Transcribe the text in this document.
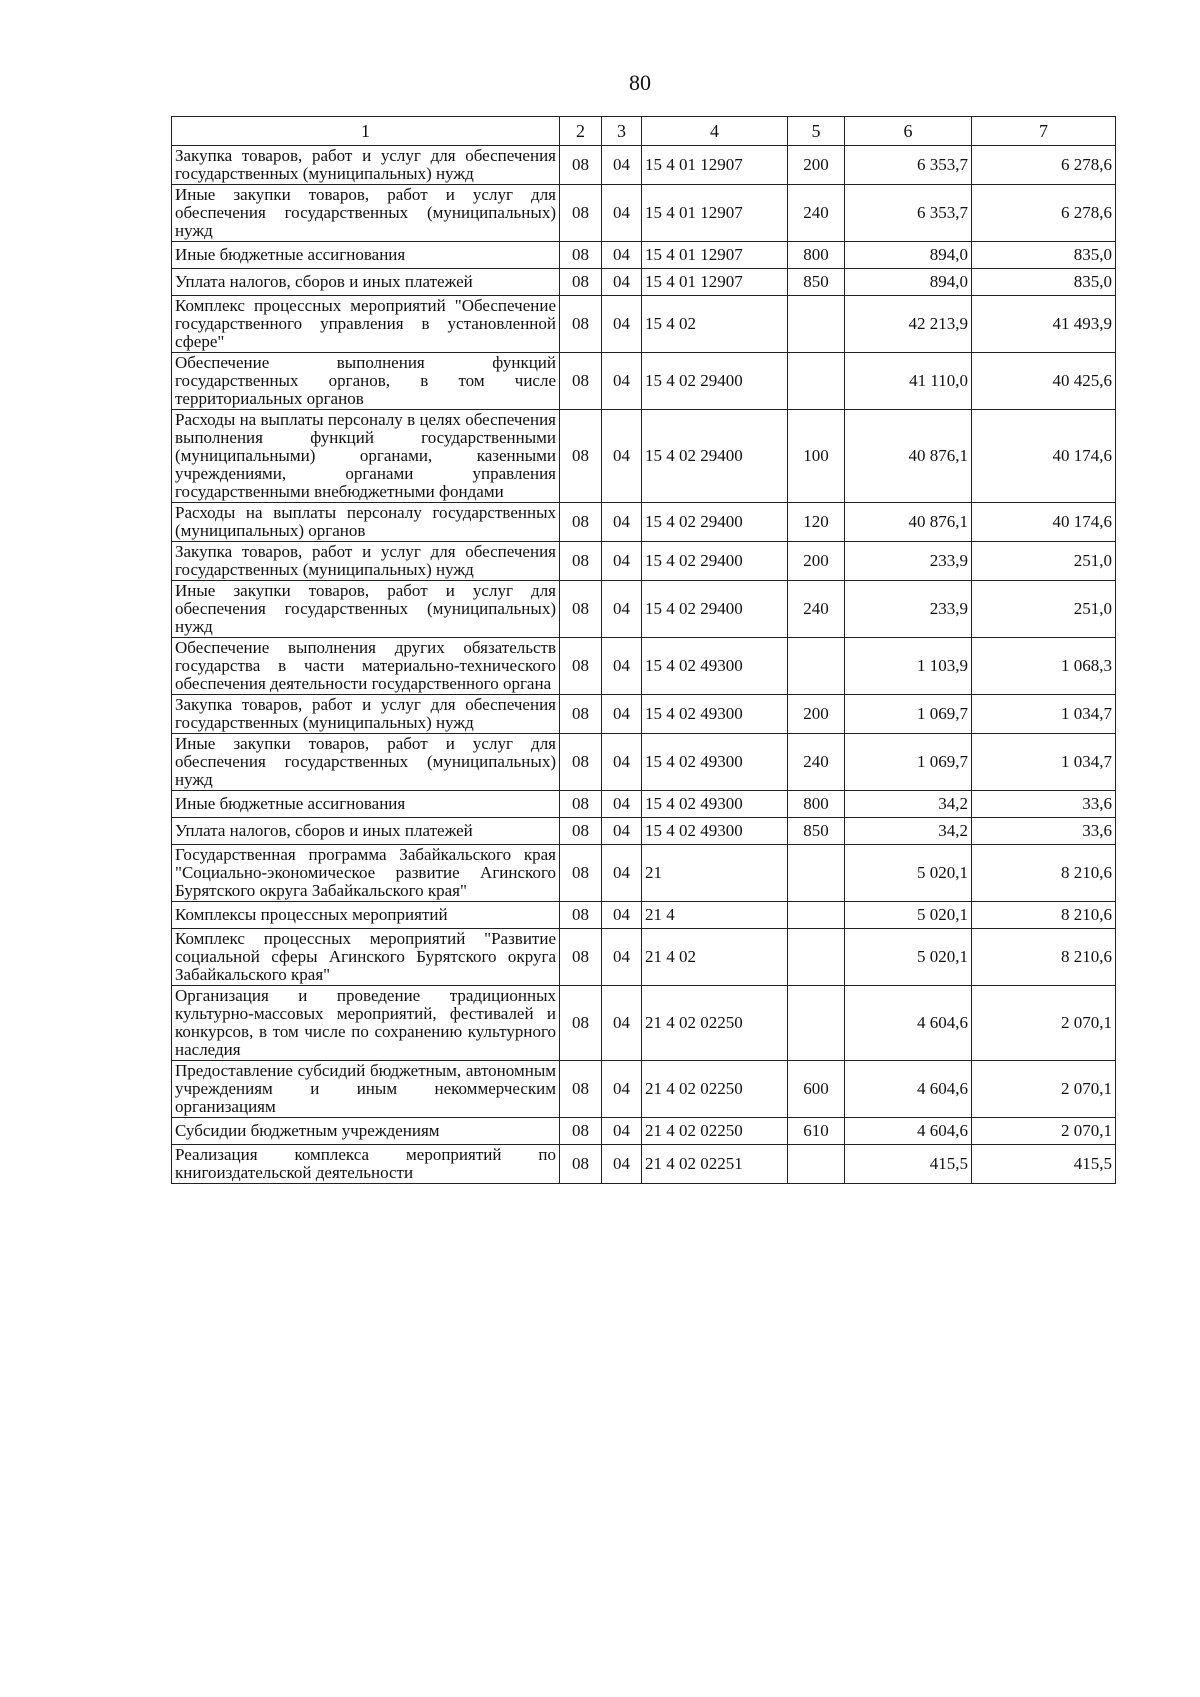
80
1	2	3	4	5	6	7
Закупка товаров, работ и услуг для обеспечения государственных (муниципальных) нужд	08	04	15 4 01 12907	200	6 353,7	6 278,6
Иные закупки товаров, работ и услуг для обеспечения государственных (муниципальных) нужд	08	04	15 4 01 12907	240	6 353,7	6 278,6
Иные бюджетные ассигнования	08	04	15 4 01 12907	800	894,0	835,0
Уплата налогов, сборов и иных платежей	08	04	15 4 01 12907	850	894,0	835,0
Комплекс процессных мероприятий "Обеспечение государственного управления в установленной сфере"	08	04	15 4 02		42 213,9	41 493,9
Обеспечение выполнения функций государственных органов, в том числе территориальных органов	08	04	15 4 02 29400		41 110,0	40 425,6
Расходы на выплаты персоналу в целях обеспечения выполнения функций государственными (муниципальными) органами, казенными учреждениями, органами управления государственными внебюджетными фондами	08	04	15 4 02 29400	100	40 876,1	40 174,6
Расходы на выплаты персоналу государственных (муниципальных) органов	08	04	15 4 02 29400	120	40 876,1	40 174,6
Закупка товаров, работ и услуг для обеспечения государственных (муниципальных) нужд	08	04	15 4 02 29400	200	233,9	251,0
Иные закупки товаров, работ и услуг для обеспечения государственных (муниципальных) нужд	08	04	15 4 02 29400	240	233,9	251,0
Обеспечение выполнения других обязательств государства в части материально-технического обеспечения деятельности государственного органа	08	04	15 4 02 49300		1 103,9	1 068,3
Закупка товаров, работ и услуг для обеспечения государственных (муниципальных) нужд	08	04	15 4 02 49300	200	1 069,7	1 034,7
Иные закупки товаров, работ и услуг для обеспечения государственных (муниципальных) нужд	08	04	15 4 02 49300	240	1 069,7	1 034,7
Иные бюджетные ассигнования	08	04	15 4 02 49300	800	34,2	33,6
Уплата налогов, сборов и иных платежей	08	04	15 4 02 49300	850	34,2	33,6
Государственная программа Забайкальского края "Социально-экономическое развитие Агинского Бурятского округа Забайкальского края"	08	04	21		5 020,1	8 210,6
Комплексы процессных мероприятий	08	04	21 4		5 020,1	8 210,6
Комплекс процессных мероприятий "Развитие социальной сферы Агинского Бурятского округа Забайкальского края"	08	04	21 4 02		5 020,1	8 210,6
Организация и проведение традиционных культурно-массовых мероприятий, фестивалей и конкурсов, в том числе по сохранению культурного наследия	08	04	21 4 02 02250		4 604,6	2 070,1
Предоставление субсидий бюджетным, автономным учреждениям и иным некоммерческим организациям	08	04	21 4 02 02250	600	4 604,6	2 070,1
Субсидии бюджетным учреждениям	08	04	21 4 02 02250	610	4 604,6	2 070,1
Реализация комплекса мероприятий по книгоиздательской деятельности	08	04	21 4 02 02251		415,5	415,5
